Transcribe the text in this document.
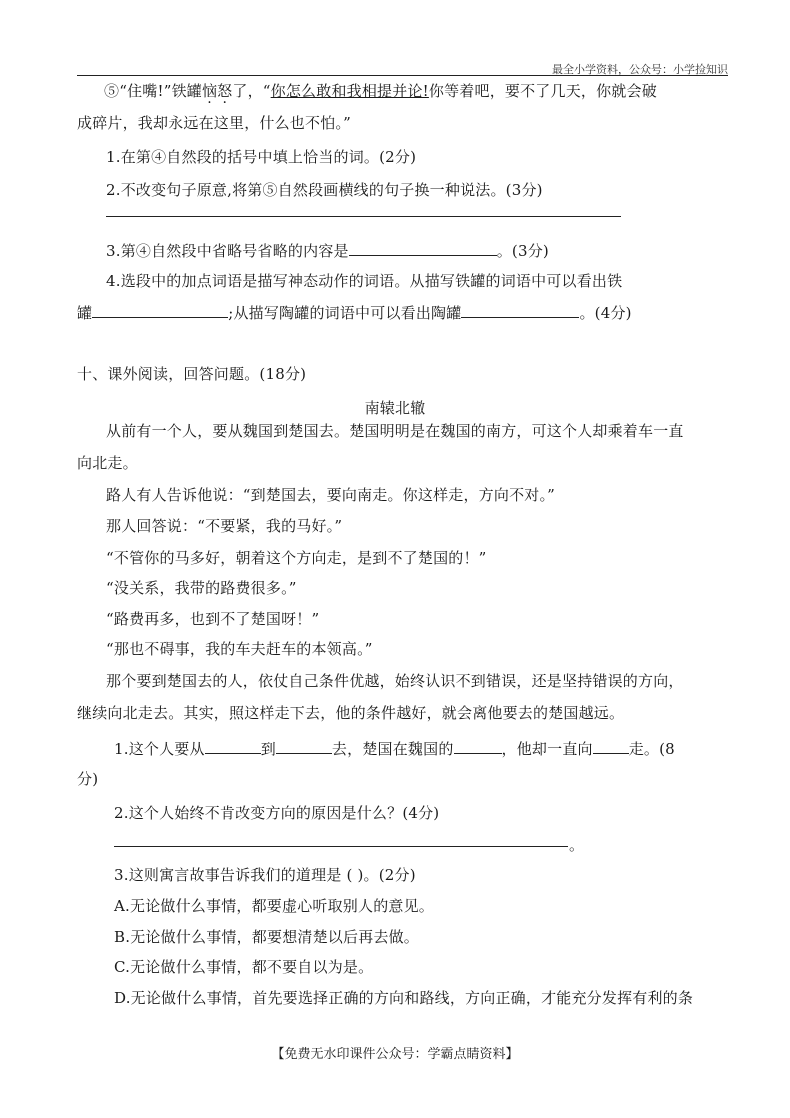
最全小学资料，公众号：小学捡知识
⑤“住嘴!”铁罐恼怒了，“你怎么敢和我相提并论!你等着吧，要不了几天，你就会破
成碎片，我却永远在这里，什么也不怕。”
1.在第④自然段的括号中填上恰当的词。(2分)
2.不改变句子原意,将第⑤自然段画横线的句子换一种说法。(3分)
3.第④自然段中省略号省略的内容是	。(3分)
4.选段中的加点词语是描写神态动作的词语。从描写铁罐的词语中可以看出铁
罐	;从描写陶罐的词语中可以看出陶罐	。(4分)
十、课外阅读，回答问题。(18分)
南辕北辙
从前有一个人，要从魏国到楚国去。楚国明明是在魏国的南方，可这个人却乘着车一直
向北走。
路人有人告诉他说：“到楚国去，要向南走。你这样走，方向不对。”
那人回答说：“不要紧，我的马好。”
“不管你的马多好，朝着这个方向走，是到不了楚国的！”
“没关系，我带的路费很多。”
“路费再多，也到不了楚国呀！”
“那也不碍事，我的车夫赶车的本领高。”
那个要到楚国去的人，依仗自己条件优越，始终认识不到错误，还是坚持错误的方向，
继续向北走去。其实，照这样走下去，他的条件越好，就会离他要去的楚国越远。
1.这个人要从	到	去，楚国在魏国的	，他却一直向 走。(8
分)
2.这个人始终不肯改变方向的原因是什么？(4分)
。
3.这则寓言故事告诉我们的道理是 ( )。(2分)
A.无论做什么事情，都要虚心听取别人的意见。
B.无论做什么事情，都要想清楚以后再去做。
C.无论做什么事情，都不要自以为是。
D.无论做什么事情，首先要选择正确的方向和路线，方向正确，才能充分发挥有利的条
【免费无水印课件公众号：学霸点睛资料】
